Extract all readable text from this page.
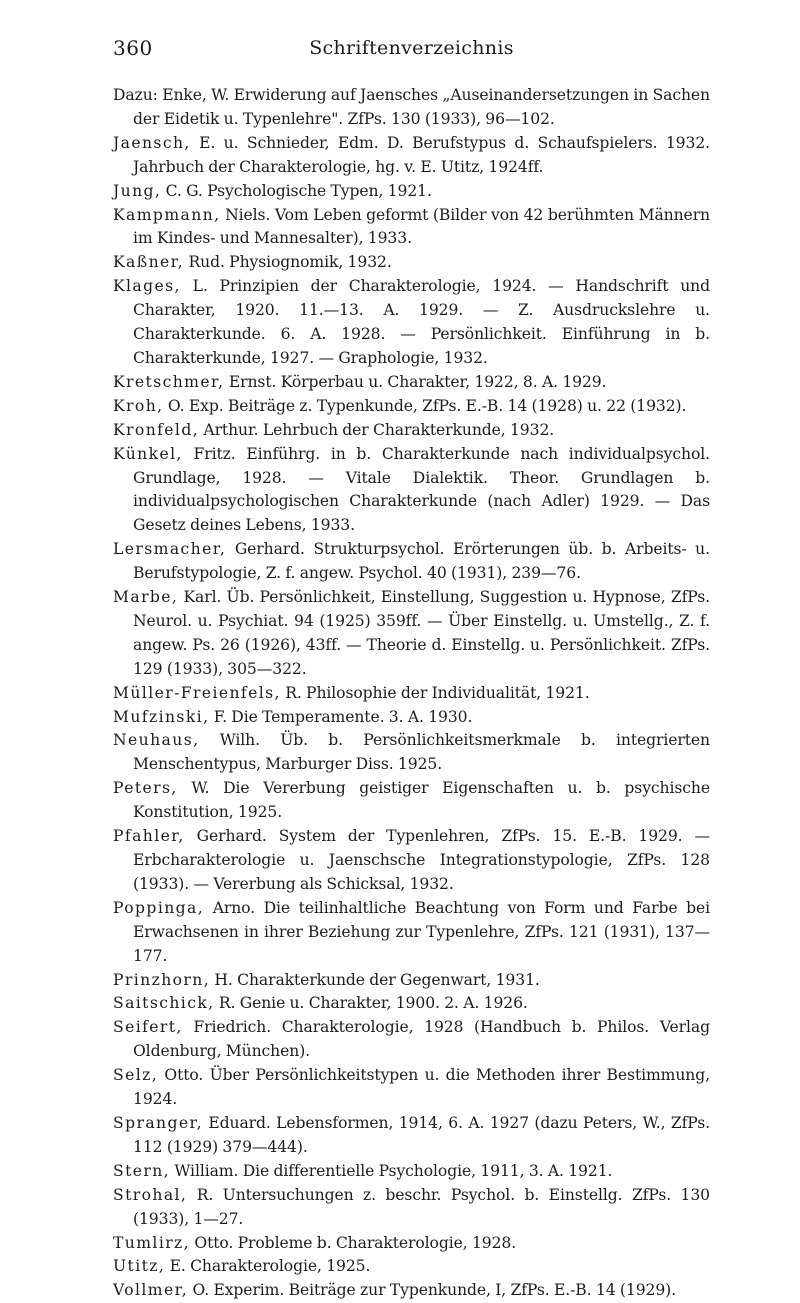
360	Schriftenverzeichnis
Dazu: Enke, W. Erwiderung auf Jaensches „Auseinandersetzungen in Sachen der Eidetik u. Typenlehre". ZfPs. 130 (1933), 96—102.
Jaensch, E. u. Schnieder, Edm. D. Berufstypus d. Schaufspielers. 1932. Jahrbuch der Charakterologie, hg. v. E. Utitz, 1924ff.
Jung, C. G. Psychologische Typen, 1921.
Kampmann, Niels. Vom Leben geformt (Bilder von 42 berühmten Männern im Kindes- und Mannesalter), 1933.
Kaßner, Rud. Physiognomik, 1932.
Klages, L. Prinzipien der Charakterologie, 1924. — Handschrift und Charakter, 1920. 11.—13. A. 1929. — Z. Ausdruckslehre u. Charakterkunde. 6. A. 1928. — Persönlichkeit. Einführung in b. Charakterkunde, 1927. — Graphologie, 1932.
Kretschmer, Ernst. Körperbau u. Charakter, 1922, 8. A. 1929.
Kroh, O. Exp. Beiträge z. Typenkunde, ZfPs. E.-B. 14 (1928) u. 22 (1932).
Kronfeld, Arthur. Lehrbuch der Charakterkunde, 1932.
Künkel, Fritz. Einführg. in b. Charakterkunde nach individualpsychol. Grundlage, 1928. — Vitale Dialektik. Theor. Grundlagen b. individualpsychologischen Charakterkunde (nach Adler) 1929. — Das Gesetz deines Lebens, 1933.
Lersmacher, Gerhard. Strukturpsychol. Erörterungen üb. b. Arbeits- u. Berufstypologie, Z. f. angew. Psychol. 40 (1931), 239—76.
Marbe, Karl. Üb. Persönlichkeit, Einstellung, Suggestion u. Hypnose, ZfPs. Neurol. u. Psychiat. 94 (1925) 359ff. — Über Einstellg. u. Umstellg., Z. f. angew. Ps. 26 (1926), 43ff. — Theorie d. Einstellg. u. Persönlichkeit. ZfPs. 129 (1933), 305—322.
Müller-Freienfels, R. Philosophie der Individualität, 1921.
Mufzinski, F. Die Temperamente. 3. A. 1930.
Neuhaus, Wilh. Üb. b. Persönlichkeitsmerkmale b. integrierten Menschentypus, Marburger Diss. 1925.
Peters, W. Die Vererbung geistiger Eigenschaften u. b. psychische Konstitution, 1925.
Pfahler, Gerhard. System der Typenlehren, ZfPs. 15. E.-B. 1929. — Erbcharakterologie u. Jaenschsche Integrationstypologie, ZfPs. 128 (1933). — Vererbung als Schicksal, 1932.
Poppinga, Arno. Die teilinhaltliche Beachtung von Form und Farbe bei Erwachsenen in ihrer Beziehung zur Typenlehre, ZfPs. 121 (1931), 137—177.
Prinzhorn, H. Charakterkunde der Gegenwart, 1931.
Saitschick, R. Genie u. Charakter, 1900. 2. A. 1926.
Seifert, Friedrich. Charakterologie, 1928 (Handbuch b. Philos. Verlag Oldenburg, München).
Selz, Otto. Über Persönlichkeitstypen u. die Methoden ihrer Bestimmung, 1924.
Spranger, Eduard. Lebensformen, 1914, 6. A. 1927 (dazu Peters, W., ZfPs. 112 (1929) 379—444).
Stern, William. Die differentielle Psychologie, 1911, 3. A. 1921.
Strohal, R. Untersuchungen z. beschr. Psychol. b. Einstellg. ZfPs. 130 (1933), 1—27.
Tumlirz, Otto. Probleme b. Charakterologie, 1928.
Utitz, E. Charakterologie, 1925.
Vollmer, O. Experim. Beiträge zur Typenkunde, I, ZfPs. E.-B. 14 (1929).
